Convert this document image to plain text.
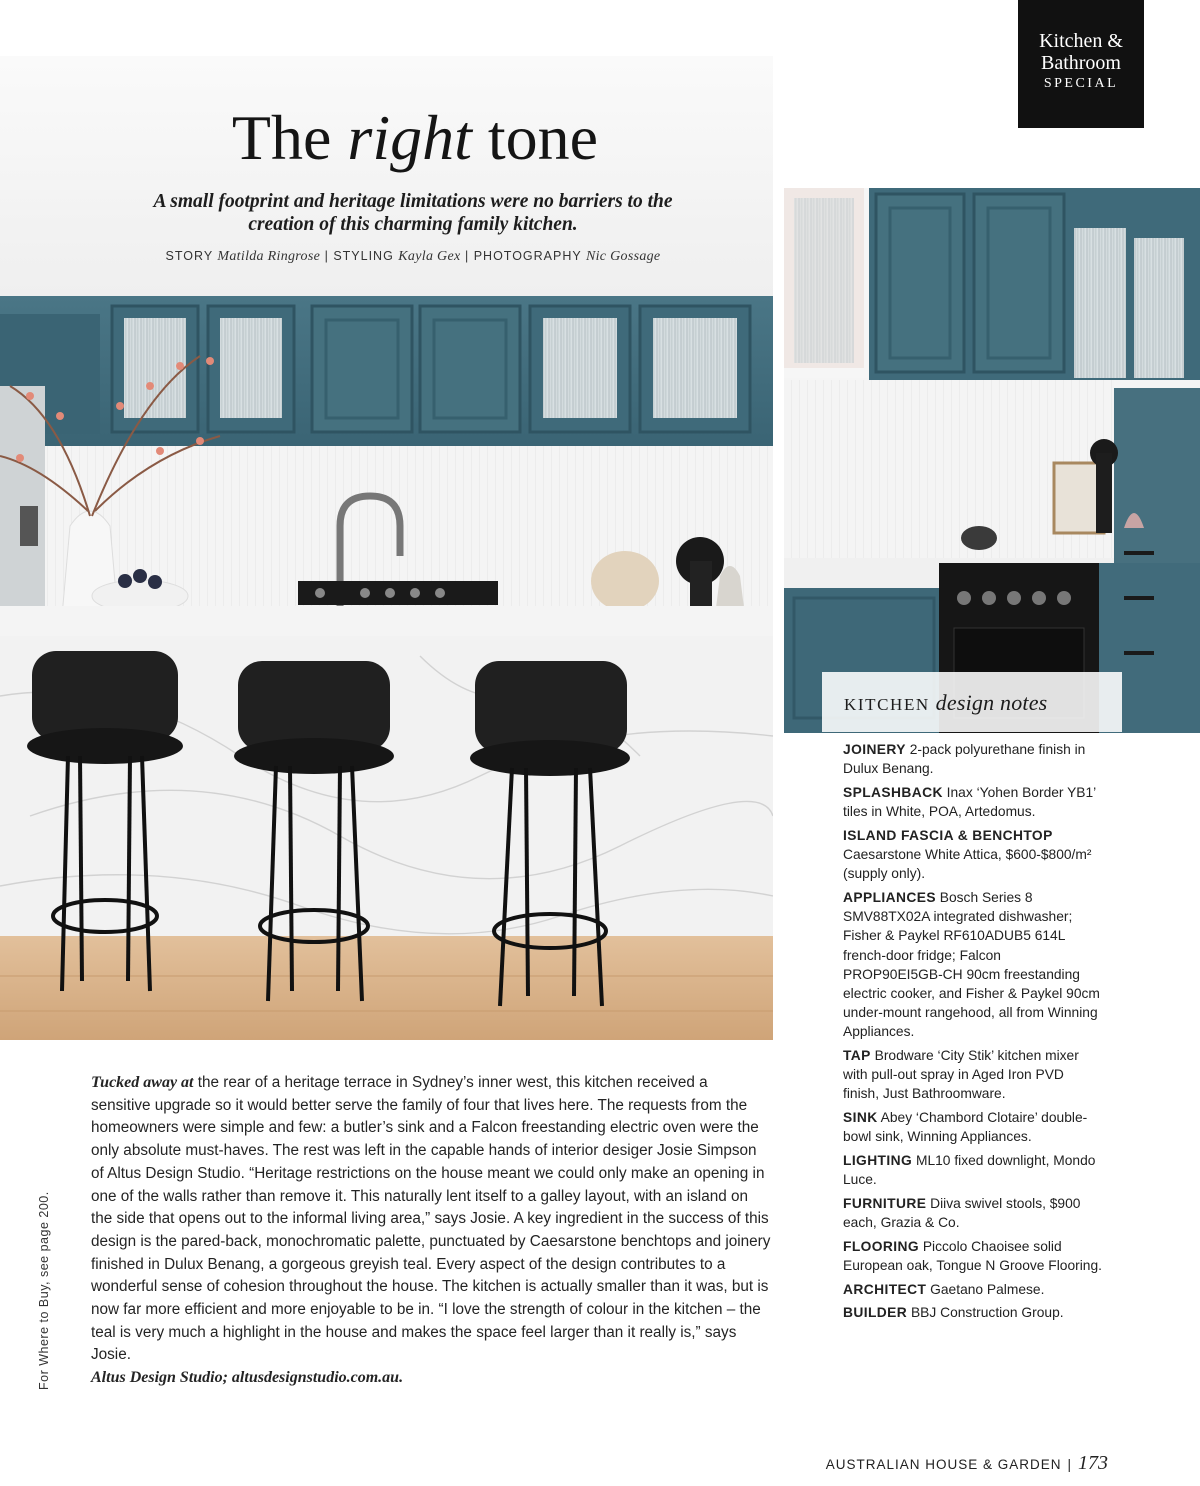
Kitchen &
Bathroom
SPECIAL
The right tone
A small footprint and heritage limitations were no barriers to the
creation of this charming family kitchen.
STORY Matilda Ringrose | STYLING Kayla Gex | PHOTOGRAPHY Nic Gossage
KITCHEN design notes

JOINERY 2-pack polyurethane finish in Dulux Benang.

SPLASHBACK Inax ‘Yohen Border YB1’ tiles in White, POA, Artedomus.

ISLAND FASCIA & BENCHTOP Caesarstone White Attica, $600-$800/m² (supply only).

APPLIANCES Bosch Series 8 SMV88TX02A integrated dishwasher; Fisher & Paykel RF610ADUB5 614L french-door fridge; Falcon PROP90EI5GB-CH 90cm freestanding electric cooker, and Fisher & Paykel 90cm under-mount rangehood, all from Winning Appliances.

TAP Brodware ‘City Stik’ kitchen mixer with pull-out spray in Aged Iron PVD finish, Just Bathroomware.

SINK Abey ‘Chambord Clotaire’ double-bowl sink, Winning Appliances.

LIGHTING ML10 fixed downlight, Mondo Luce.

FURNITURE Diiva swivel stools, $900 each, Grazia & Co.

FLOORING Piccolo Chaoisee solid European oak, Tongue N Groove Flooring.

ARCHITECT Gaetano Palmese.

BUILDER BBJ Construction Group.

Tucked away at the rear of a heritage terrace in Sydney’s inner west, this kitchen received a sensitive upgrade so it would better serve the family of four that lives here. The requests from the homeowners were simple and few: a butler’s sink and a Falcon freestanding electric oven were the only absolute must-haves. The rest was left in the capable hands of interior desiger Josie Simpson of Altus Design Studio. “Heritage restrictions on the house meant we could only make an opening in one of the walls rather than remove it. This naturally lent itself to a galley layout, with an island on the side that opens out to the informal living area,” says Josie. A key ingredient in the success of this design is the pared-back, monochromatic palette, punctuated by Caesarstone benchtops and joinery finished in Dulux Benang, a gorgeous greyish teal. Every aspect of the design contributes to a wonderful sense of cohesion throughout the house. The kitchen is actually smaller than it was, but is now far more efficient and more enjoyable to be in. “I love the strength of colour in the kitchen – the teal is very much a highlight in the house and makes the space feel larger than it really is,” says Josie.
Altus Design Studio; altusdesignstudio.com.au.
For Where to Buy, see page 200.
AUSTRALIAN HOUSE & GARDEN | 173
